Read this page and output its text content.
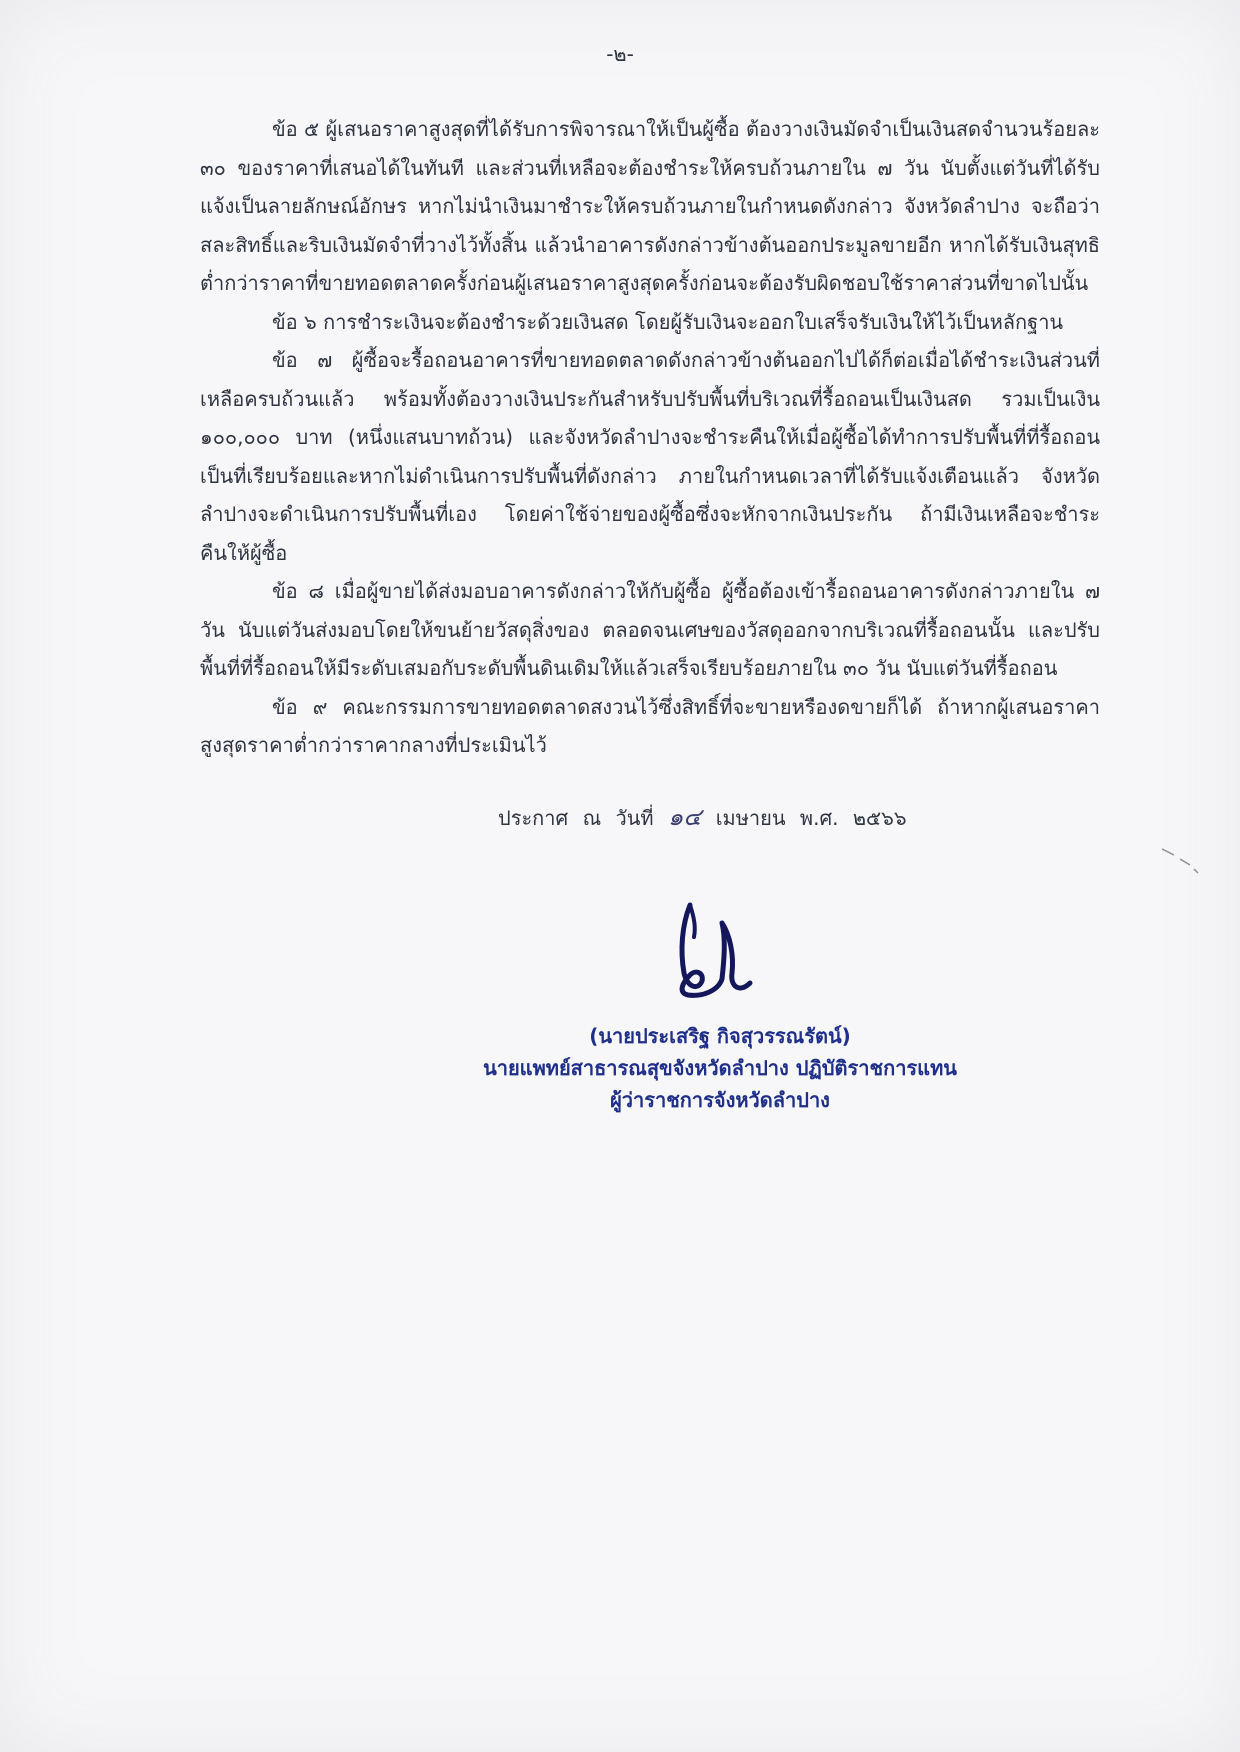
-๒-

ข้อ ๕ ผู้เสนอราคาสูงสุดที่ได้รับการพิจารณาให้เป็นผู้ซื้อ ต้องวางเงินมัดจำเป็นเงินสดจำนวนร้อยละ ๓๐ ของราคาที่เสนอได้ในทันที และส่วนที่เหลือจะต้องชำระให้ครบถ้วนภายใน ๗ วัน นับตั้งแต่วันที่ได้รับแจ้งเป็นลายลักษณ์อักษร หากไม่นำเงินมาชำระให้ครบถ้วนภายในกำหนดดังกล่าว จังหวัดลำปาง จะถือว่าสละสิทธิ์และริบเงินมัดจำที่วางไว้ทั้งสิ้น แล้วนำอาคารดังกล่าวข้างต้นออกประมูลขายอีก หากได้รับเงินสุทธิต่ำกว่าราคาที่ขายทอดตลาดครั้งก่อนผู้เสนอราคาสูงสุดครั้งก่อนจะต้องรับผิดชอบใช้ราคาส่วนที่ขาดไปนั้น

ข้อ ๖ การชำระเงินจะต้องชำระด้วยเงินสด โดยผู้รับเงินจะออกใบเสร็จรับเงินให้ไว้เป็นหลักฐาน

ข้อ ๗ ผู้ซื้อจะรื้อถอนอาคารที่ขายทอดตลาดดังกล่าวข้างต้นออกไปได้ก็ต่อเมื่อได้ชำระเงินส่วนที่เหลือครบถ้วนแล้ว พร้อมทั้งต้องวางเงินประกันสำหรับปรับพื้นที่บริเวณที่รื้อถอนเป็นเงินสด รวมเป็นเงิน ๑๐๐,๐๐๐ บาท (หนึ่งแสนบาทถ้วน) และจังหวัดลำปางจะชำระคืนให้เมื่อผู้ซื้อได้ทำการปรับพื้นที่ที่รื้อถอนเป็นที่เรียบร้อยและหากไม่ดำเนินการปรับพื้นที่ดังกล่าว ภายในกำหนดเวลาที่ได้รับแจ้งเตือนแล้ว จังหวัดลำปางจะดำเนินการปรับพื้นที่เอง โดยค่าใช้จ่ายของผู้ซื้อซึ่งจะหักจากเงินประกัน ถ้ามีเงินเหลือจะชำระคืนให้ผู้ซื้อ

ข้อ ๘ เมื่อผู้ขายได้ส่งมอบอาคารดังกล่าวให้กับผู้ซื้อ ผู้ซื้อต้องเข้ารื้อถอนอาคารดังกล่าวภายใน ๗ วัน นับแต่วันส่งมอบโดยให้ขนย้ายวัสดุสิ่งของ ตลอดจนเศษของวัสดุออกจากบริเวณที่รื้อถอนนั้น และปรับพื้นที่ที่รื้อถอนให้มีระดับเสมอกับระดับพื้นดินเดิมให้แล้วเสร็จเรียบร้อยภายใน ๓๐ วัน นับแต่วันที่รื้อถอน

ข้อ ๙ คณะกรรมการขายทอดตลาดสงวนไว้ซึ่งสิทธิ์ที่จะขายหรืองดขายก็ได้ ถ้าหากผู้เสนอราคาสูงสุดราคาต่ำกว่าราคากลางที่ประเมินไว้

ประกาศ ณ วันที่ ๑๔ เมษายน พ.ศ. ๒๕๖๖
(นายประเสริฐ กิจสุวรรณรัตน์)
นายแพทย์สาธารณสุขจังหวัดลำปาง ปฏิบัติราชการแทน
ผู้ว่าราชการจังหวัดลำปาง
